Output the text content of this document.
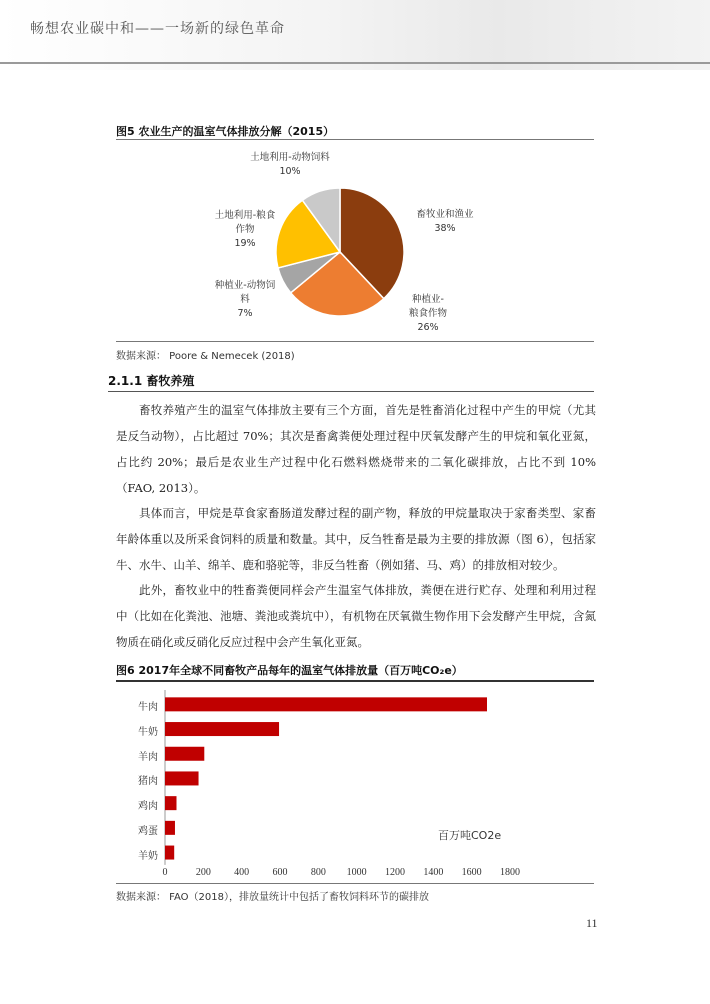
畅想农业碳中和——一场新的绿色革命
图5 农业生产的温室气体排放分解（2015）
畜牧业和渔业
38%
种植业-
粮食作物
26%
种植业-动物饲
料
7%
土地利用-粮食
作物
19%
土地利用-动物饲料
10%
数据来源： Poore & Nemecek (2018)
2.1.1 畜牧养殖
畜牧养殖产生的温室气体排放主要有三个方面，首先是牲畜消化过程中产生的甲烷（尤其是反刍动物），占比超过 70%；其次是畜禽粪便处理过程中厌氧发酵产生的甲烷和氧化亚氮，占比约 20%；最后是农业生产过程中化石燃料燃烧带来的二氧化碳排放，占比不到 10%（FAO, 2013）。
具体而言，甲烷是草食家畜肠道发酵过程的副产物，释放的甲烷量取决于家畜类型、家畜年龄体重以及所采食饲料的质量和数量。其中，反刍牲畜是最为主要的排放源（图 6），包括家牛、水牛、山羊、绵羊、鹿和骆驼等，非反刍牲畜（例如猪、马、鸡）的排放相对较少。
此外，畜牧业中的牲畜粪便同样会产生温室气体排放，粪便在进行贮存、处理和利用过程中（比如在化粪池、池塘、粪池或粪坑中），有机物在厌氧微生物作用下会发酵产生甲烷，含氮物质在硝化或反硝化反应过程中会产生氧化亚氮。
图6 2017年全球不同畜牧产品每年的温室气体排放量（百万吨CO₂e）
牛肉
牛奶
羊肉
猪肉
鸡肉
鸡蛋
羊奶
0	200	400	600	800	1000	1200	1400	1600	1800
百万吨CO2e
数据来源： FAO（2018），排放量统计中包括了畜牧饲料环节的碳排放
11
